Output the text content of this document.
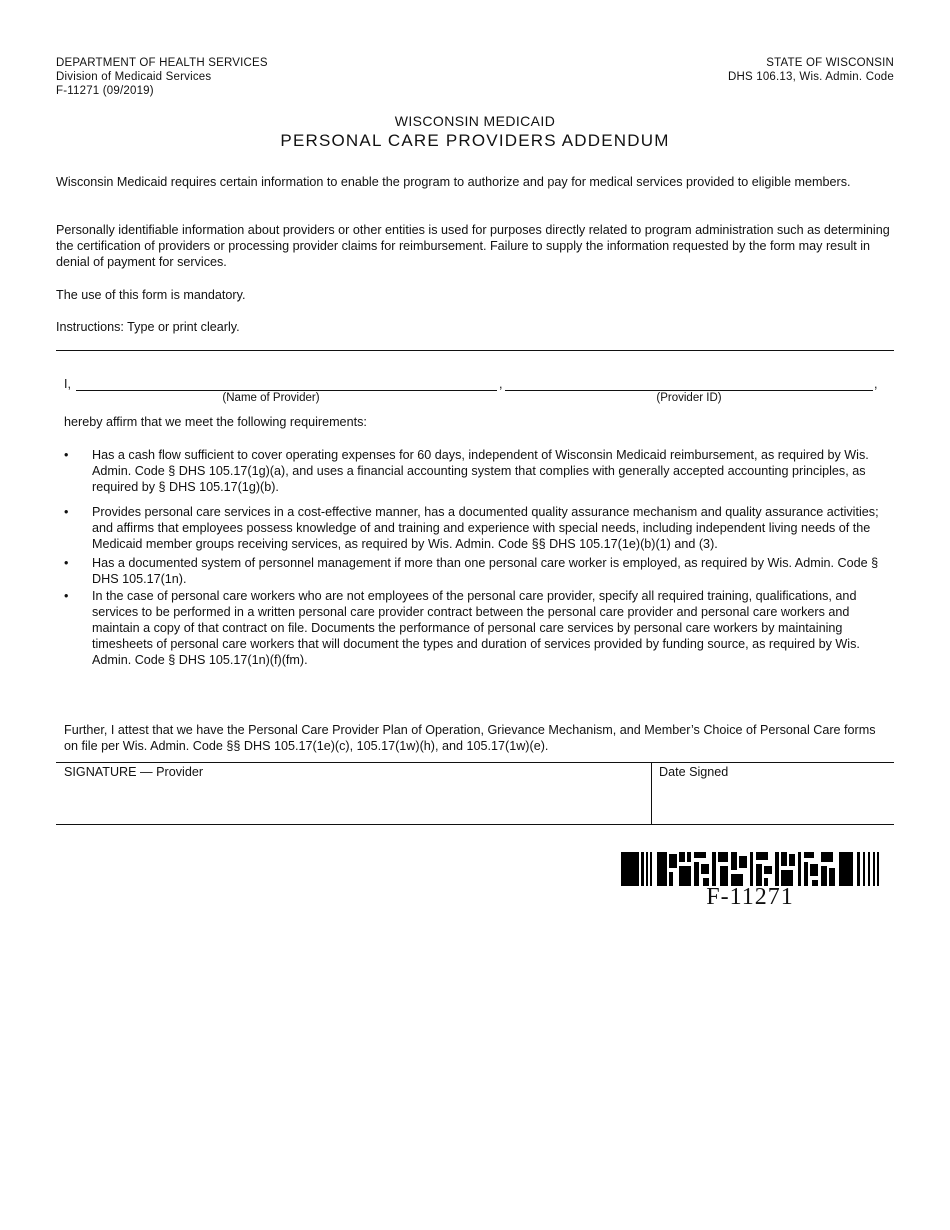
DEPARTMENT OF HEALTH SERVICES
Division of Medicaid Services
F-11271 (09/2019)
STATE OF WISCONSIN
DHS 106.13, Wis. Admin. Code
WISCONSIN MEDICAID
PERSONAL CARE PROVIDERS ADDENDUM
Wisconsin Medicaid requires certain information to enable the program to authorize and pay for medical services provided to eligible members.
Personally identifiable information about providers or other entities is used for purposes directly related to program administration such as determining the certification of providers or processing provider claims for reimbursement. Failure to supply the information requested by the form may result in denial of payment for services.
The use of this form is mandatory.
Instructions: Type or print clearly.
I,	,	,
(Name of Provider)	(Provider ID)
hereby affirm that we meet the following requirements:
• Has a cash flow sufficient to cover operating expenses for 60 days, independent of Wisconsin Medicaid reimbursement, as required by Wis. Admin. Code § DHS 105.17(1g)(a), and uses a financial accounting system that complies with generally accepted accounting principles, as required by § DHS 105.17(1g)(b).
• Provides personal care services in a cost-effective manner, has a documented quality assurance mechanism and quality assurance activities; and affirms that employees possess knowledge of and training and experience with special needs, including independent living needs of the Medicaid member groups receiving services, as required by Wis. Admin. Code §§ DHS 105.17(1e)(b)(1) and (3).
• Has a documented system of personnel management if more than one personal care worker is employed, as required by Wis. Admin. Code § DHS 105.17(1n).
• In the case of personal care workers who are not employees of the personal care provider, specify all required training, qualifications, and services to be performed in a written personal care provider contract between the personal care provider and personal care workers and maintain a copy of that contract on file. Documents the performance of personal care services by personal care workers by maintaining timesheets of personal care workers that will document the types and duration of services provided by funding source, as required by Wis. Admin. Code § DHS 105.17(1n)(f)(fm).
Further, I attest that we have the Personal Care Provider Plan of Operation, Grievance Mechanism, and Member’s Choice of Personal Care forms on file per Wis. Admin. Code §§ DHS 105.17(1e)(c), 105.17(1w)(h), and 105.17(1w)(e).
SIGNATURE — Provider	Date Signed
F-11271
